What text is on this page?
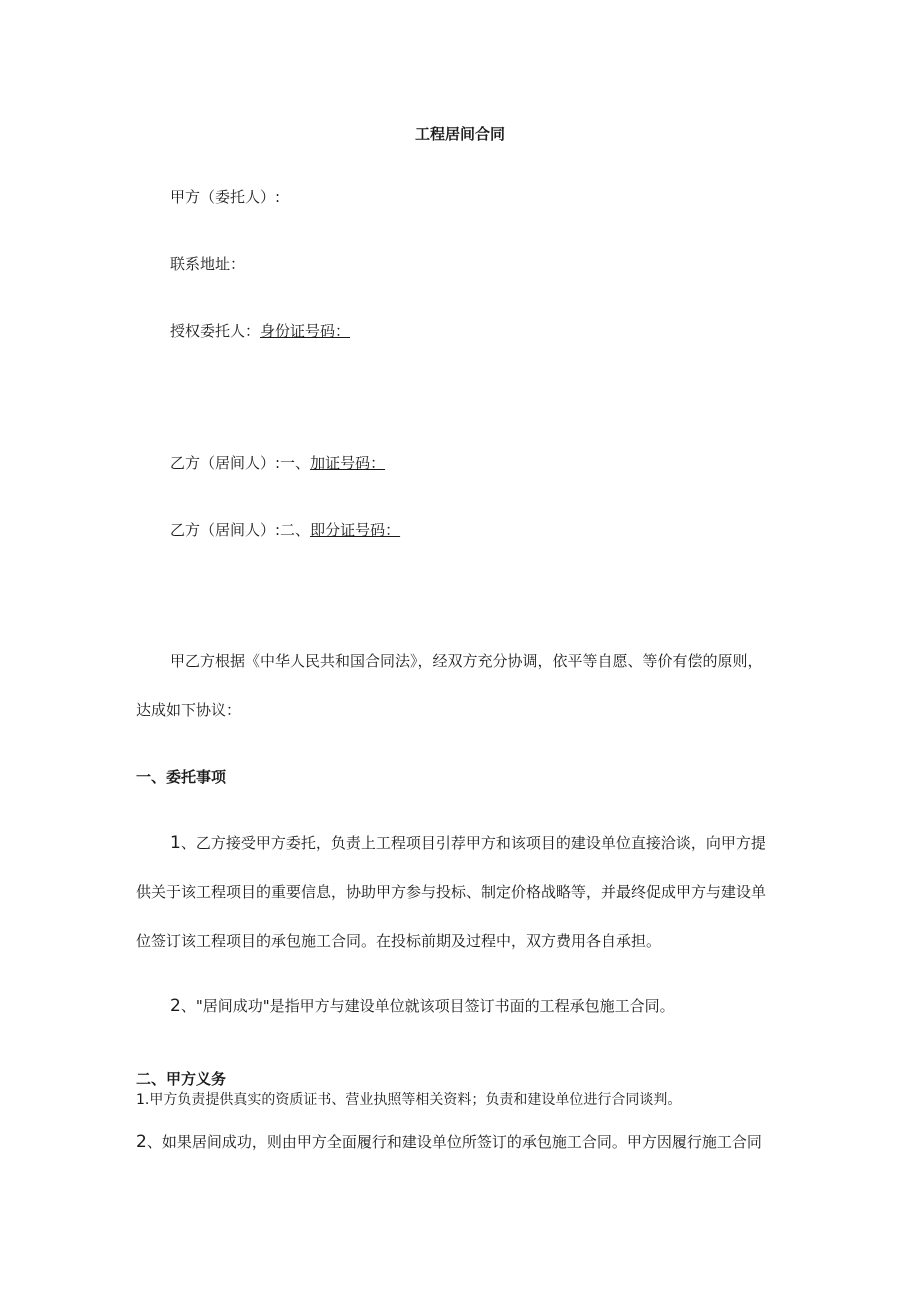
工程居间合同
甲方（委托人）:
联系地址：
授权委托人：身份证号码：
乙方（居间人）:一、加证号码：
乙方（居间人）:二、即分证号码：
甲乙方根据《中华人民共和国合同法》，经双方充分协调，依平等自愿、等价有偿的原则，
达成如下协议：
一、委托事项
1、乙方接受甲方委托，负责上工程项目引荐甲方和该项目的建设单位直接洽谈，向甲方提
供关于该工程项目的重要信息，协助甲方参与投标、制定价格战略等，并最终促成甲方与建设单
位签订该工程项目的承包施工合同。在投标前期及过程中，双方费用各自承担。
2、"居间成功"是指甲方与建设单位就该项目签订书面的工程承包施工合同。
二、甲方义务
1.甲方负责提供真实的资质证书、营业执照等相关资料；负责和建设单位进行合同谈判。
2、如果居间成功，则由甲方全面履行和建设单位所签订的承包施工合同。甲方因履行施工合同
